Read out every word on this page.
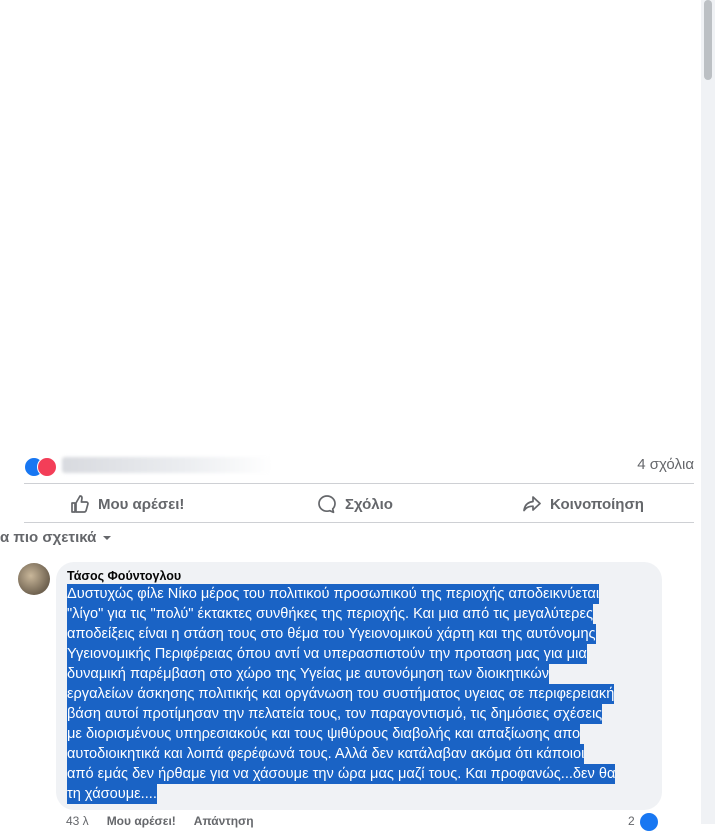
4 σχόλια
Μου αρέσει!	Σχόλιο	Κοινοποίηση
α πιο σχετικά
Τάσος Φούντογλου
Δυστυχώς φίλε Νίκο μέρος του πολιτικού προσωπικού της περιοχής αποδεικνύεται
"λίγο" για τις "πολύ" έκτακτες συνθήκες της περιοχής. Και μια από τις μεγαλύτερες
αποδείξεις είναι η στάση τους στο θέμα του Υγειονομικού χάρτη και της αυτόνομης
Υγειονομικής Περιφέρειας όπου αντί να υπερασπιστούν την προταση μας για μια
δυναμική παρέμβαση στο χώρο της Υγείας με αυτονόμηση των διοικητικών
εργαλείων άσκησης πολιτικής και οργάνωση του συστήματος υγειας σε περιφερειακή
βάση αυτοί προτίμησαν την πελατεία τους, τον παραγοντισμό, τις δημόσιες σχέσεις
με διορισμένους υπηρεσιακούς και τους ψιθύρους διαβολής και απαξίωσης απο
αυτοδιοικητικά και λοιπά φερέφωνά τους. Αλλά δεν κατάλαβαν ακόμα ότι κάποιοι
από εμάς δεν ήρθαμε για να χάσουμε την ώρα μας μαζί τους. Και προφανώς...δεν θα
τη χάσουμε....
43 λ Μου αρέσει! Απάντηση	2
